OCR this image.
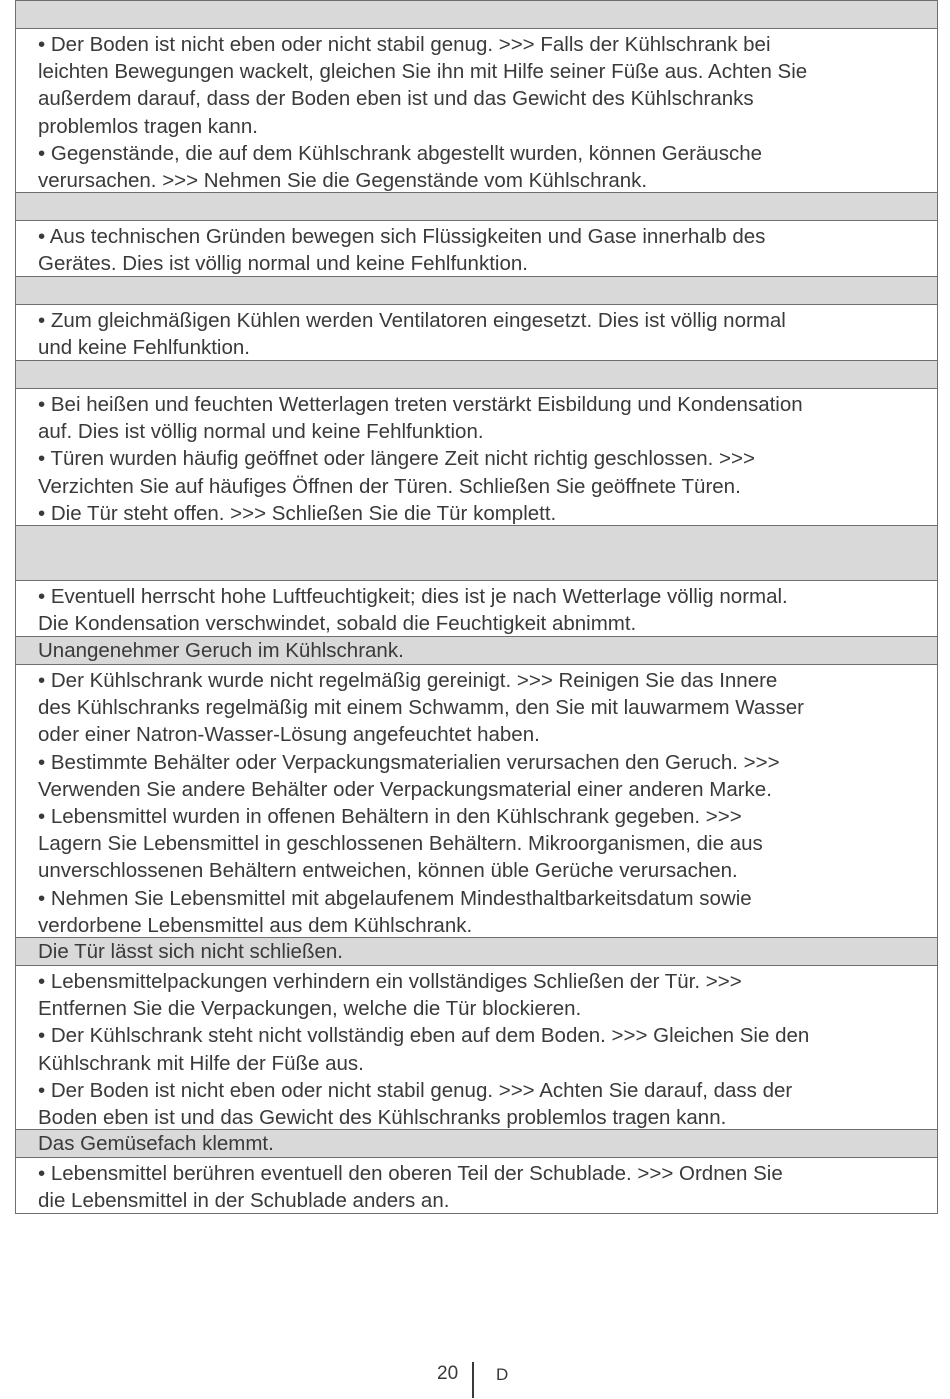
• Der Boden ist nicht eben oder nicht stabil genug. >>> Falls der Kühlschrank bei
leichten Bewegungen wackelt, gleichen Sie ihn mit Hilfe seiner Füße aus. Achten Sie
außerdem darauf, dass der Boden eben ist und das Gewicht des Kühlschranks
problemlos tragen kann.
• Gegenstände, die auf dem Kühlschrank abgestellt wurden, können Geräusche
verursachen. >>> Nehmen Sie die Gegenstände vom Kühlschrank.
• Aus technischen Gründen bewegen sich Flüssigkeiten und Gase innerhalb des
Gerätes. Dies ist völlig normal und keine Fehlfunktion.
• Zum gleichmäßigen Kühlen werden Ventilatoren eingesetzt. Dies ist völlig normal
und keine Fehlfunktion.
• Bei heißen und feuchten Wetterlagen treten verstärkt Eisbildung und Kondensation
auf. Dies ist völlig normal und keine Fehlfunktion.
• Türen wurden häufig geöffnet oder längere Zeit nicht richtig geschlossen. >>>
Verzichten Sie auf häufiges Öffnen der Türen. Schließen Sie geöffnete Türen.
• Die Tür steht offen. >>> Schließen Sie die Tür komplett.
• Eventuell herrscht hohe Luftfeuchtigkeit; dies ist je nach Wetterlage völlig normal.
Die Kondensation verschwindet, sobald die Feuchtigkeit abnimmt.
Unangenehmer Geruch im Kühlschrank.
• Der Kühlschrank wurde nicht regelmäßig gereinigt. >>> Reinigen Sie das Innere
des Kühlschranks regelmäßig mit einem Schwamm, den Sie mit lauwarmem Wasser
oder einer Natron-Wasser-Lösung angefeuchtet haben.
• Bestimmte Behälter oder Verpackungsmaterialien verursachen den Geruch. >>>
Verwenden Sie andere Behälter oder Verpackungsmaterial einer anderen Marke.
• Lebensmittel wurden in offenen Behältern in den Kühlschrank gegeben. >>>
Lagern Sie Lebensmittel in geschlossenen Behältern. Mikroorganismen, die aus
unverschlossenen Behältern entweichen, können üble Gerüche verursachen.
• Nehmen Sie Lebensmittel mit abgelaufenem Mindesthaltbarkeitsdatum sowie
verdorbene Lebensmittel aus dem Kühlschrank.
Die Tür lässt sich nicht schließen.
• Lebensmittelpackungen verhindern ein vollständiges Schließen der Tür. >>>
Entfernen Sie die Verpackungen, welche die Tür blockieren.
• Der Kühlschrank steht nicht vollständig eben auf dem Boden. >>> Gleichen Sie den
Kühlschrank mit Hilfe der Füße aus.
• Der Boden ist nicht eben oder nicht stabil genug. >>> Achten Sie darauf, dass der
Boden eben ist und das Gewicht des Kühlschranks problemlos tragen kann.
Das Gemüsefach klemmt.
• Lebensmittel berühren eventuell den oberen Teil der Schublade. >>> Ordnen Sie
die Lebensmittel in der Schublade anders an.
20 D
